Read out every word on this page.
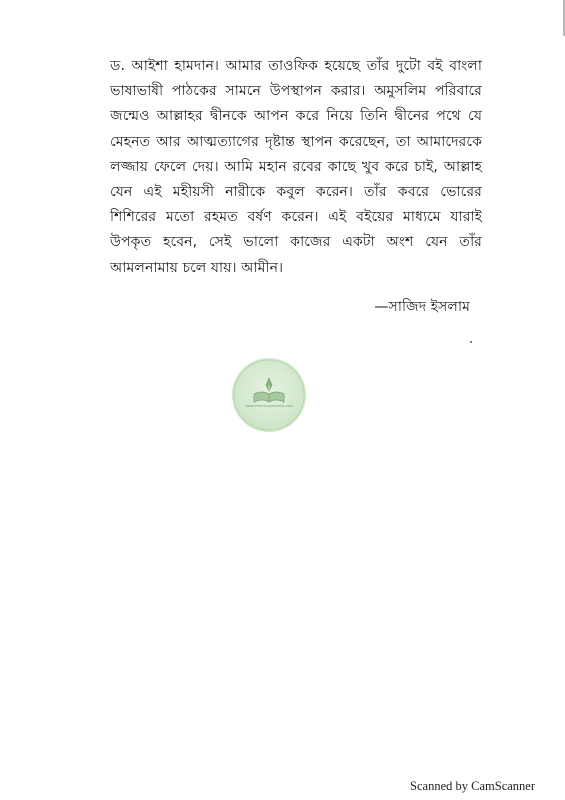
ড. আইশা হামদান। আমার তাওফিক হয়েছে তাঁর দুটো বই বাংলা
ভাষাভাষী পাঠকের সামনে উপস্থাপন করার। অমুসলিম পরিবারে
জন্মেও আল্লাহর দ্বীনকে আপন করে নিয়ে তিনি দ্বীনের পথে যে
মেহনত আর আত্মত্যাগের দৃষ্টান্ত স্থাপন করেছেন, তা আমাদেরকে
লজ্জায় ফেলে দেয়। আমি মহান রবের কাছে খুব করে চাই, আল্লাহ
যেন এই মহীয়সী নারীকে কবুল করেন। তাঁর কবরে ভোরের
শিশিরের মতো রহমত বর্ষণ করেন। এই বইয়ের মাধ্যমে যারাই
উপকৃত হবেন, সেই ভালো কাজের একটা অংশ যেন তাঁর
আমলনামায় চলে যায়। আমীন।
—সাজিদ ইসলাম
www.themessianlarkivt.com
Scanned by CamScanner
